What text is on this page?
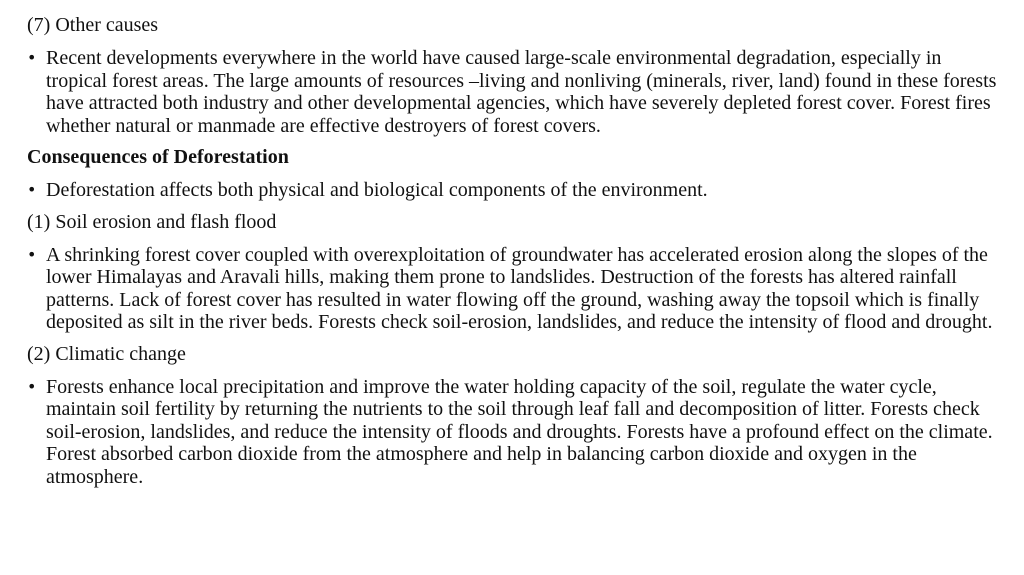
(7) Other causes
• Recent developments everywhere in the world have caused large-scale environmental degradation, especially in tropical forest areas. The large amounts of resources –living and nonliving (minerals, river, land) found in these forests have attracted both industry and other developmental agencies, which have severely depleted forest cover. Forest fires whether natural or manmade are effective destroyers of forest covers.
Consequences of Deforestation
• Deforestation affects both physical and biological components of the environment.
(1) Soil erosion and flash flood
• A shrinking forest cover coupled with overexploitation of groundwater has accelerated erosion along the slopes of the lower Himalayas and Aravali hills, making them prone to landslides. Destruction of the forests has altered rainfall patterns. Lack of forest cover has resulted in water flowing off the ground, washing away the topsoil which is finally deposited as silt in the river beds. Forests check soil-erosion, landslides, and reduce the intensity of flood and drought.
(2) Climatic change
• Forests enhance local precipitation and improve the water holding capacity of the soil, regulate the water cycle, maintain soil fertility by returning the nutrients to the soil through leaf fall and decomposition of litter. Forests check soil-erosion, landslides, and reduce the intensity of floods and droughts. Forests have a profound effect on the climate. Forest absorbed carbon dioxide from the atmosphere and help in balancing carbon dioxide and oxygen in the atmosphere.
